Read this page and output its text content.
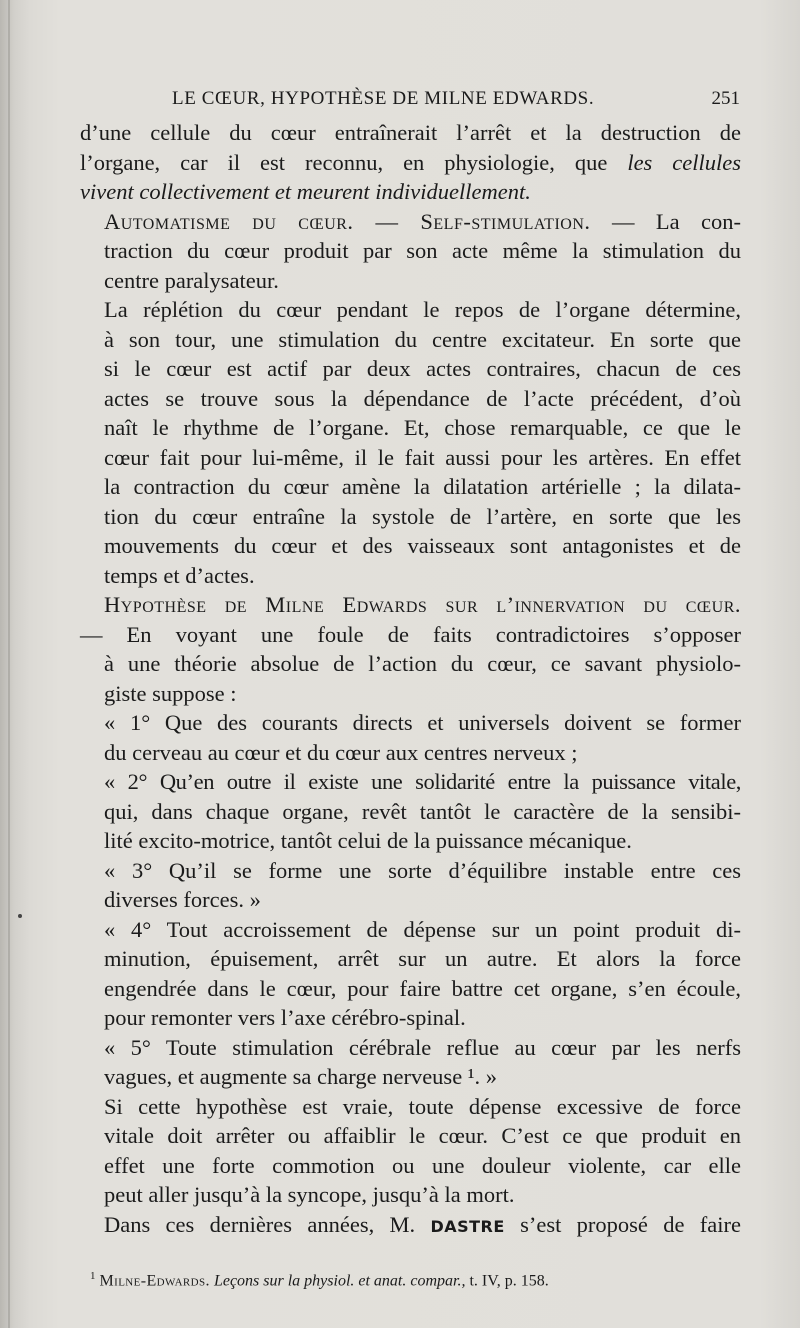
LE CŒUR, HYPOTHÈSE DE MILNE EDWARDS.	251

d’une cellule du cœur entraînerait l’arrêt et la destruction de
l’organe, car il est reconnu, en physiologie, que les cellules
vivent collectivement et meurent individuellement.

Automatisme du cœur. — Self-stimulation. — La con-
traction du cœur produit par son acte même la stimulation du
centre paralysateur.

La réplétion du cœur pendant le repos de l’organe détermine,
à son tour, une stimulation du centre excitateur. En sorte que
si le cœur est actif par deux actes contraires, chacun de ces
actes se trouve sous la dépendance de l’acte précédent, d’où
naît le rhythme de l’organe. Et, chose remarquable, ce que le
cœur fait pour lui-même, il le fait aussi pour les artères. En effet
la contraction du cœur amène la dilatation artérielle ; la dilata-
tion du cœur entraîne la systole de l’artère, en sorte que les
mouvements du cœur et des vaisseaux sont antagonistes et de
temps et d’actes.

Hypothèse de Milne Edwards sur l’innervation du cœur.
— En voyant une foule de faits contradictoires s’opposer
à une théorie absolue de l’action du cœur, ce savant physiolo-
giste suppose :

« 1° Que des courants directs et universels doivent se former
du cerveau au cœur et du cœur aux centres nerveux ;

« 2° Qu’en outre il existe une solidarité entre la puissance vitale,
qui, dans chaque organe, revêt tantôt le caractère de la sensibi-
lité excito-motrice, tantôt celui de la puissance mécanique.

« 3° Qu’il se forme une sorte d’équilibre instable entre ces
diverses forces. »

« 4° Tout accroissement de dépense sur un point produit di-
minution, épuisement, arrêt sur un autre. Et alors la force
engendrée dans le cœur, pour faire battre cet organe, s’en écoule,
pour remonter vers l’axe cérébro-spinal.

« 5° Toute stimulation cérébrale reflue au cœur par les nerfs
vagues, et augmente sa charge nerveuse ¹. »

Si cette hypothèse est vraie, toute dépense excessive de force
vitale doit arrêter ou affaiblir le cœur. C’est ce que produit en
effet une forte commotion ou une douleur violente, car elle
peut aller jusqu’à la syncope, jusqu’à la mort.

Dans ces dernières années, M. DASTRE s’est proposé de faire

$^1$ Milne-Edwards. Leçons sur la physiol. et anat. compar., t. IV, p. 158.
